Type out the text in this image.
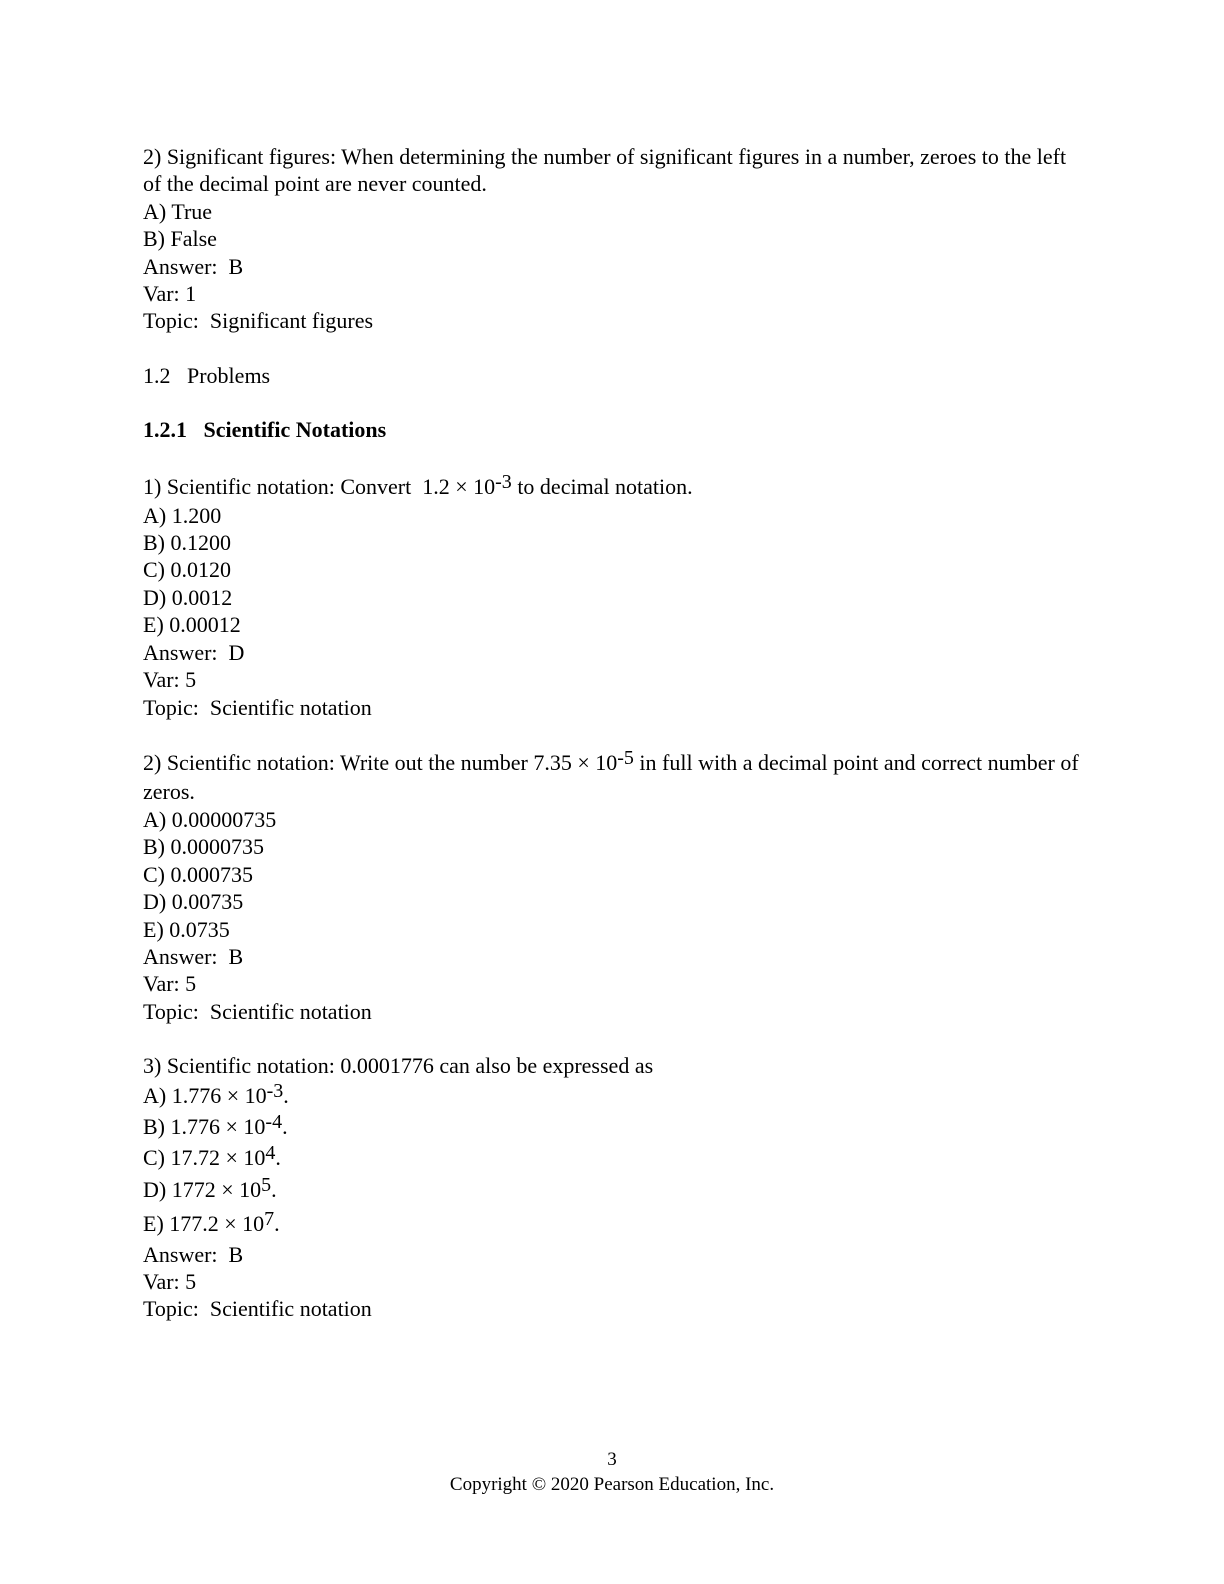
2) Significant figures: When determining the number of significant figures in a number, zeroes to the left of the decimal point are never counted.
A) True
B) False
Answer:  B
Var: 1
Topic:  Significant figures
1.2   Problems
1.2.1   Scientific Notations
1) Scientific notation: Convert  $1.2 \times 10^{-3}$ to decimal notation.
A) 1.200
B) 0.1200
C) 0.0120
D) 0.0012
E) 0.00012
Answer:  D
Var: 5
Topic:  Scientific notation
2) Scientific notation: Write out the number $7.35 \times 10^{-5}$ in full with a decimal point and correct number of zeros.
A) 0.00000735
B) 0.0000735
C) 0.000735
D) 0.00735
E) 0.0735
Answer:  B
Var: 5
Topic:  Scientific notation
3) Scientific notation: 0.0001776 can also be expressed as
A) $1.776 \times 10^{-3}$.
B) $1.776 \times 10^{-4}$.
C) $17.72 \times 10^4$.
D) $1772 \times 10^5$.
E) $177.2 \times 10^7$.
Answer:  B
Var: 5
Topic:  Scientific notation
3
Copyright © 2020 Pearson Education, Inc.
